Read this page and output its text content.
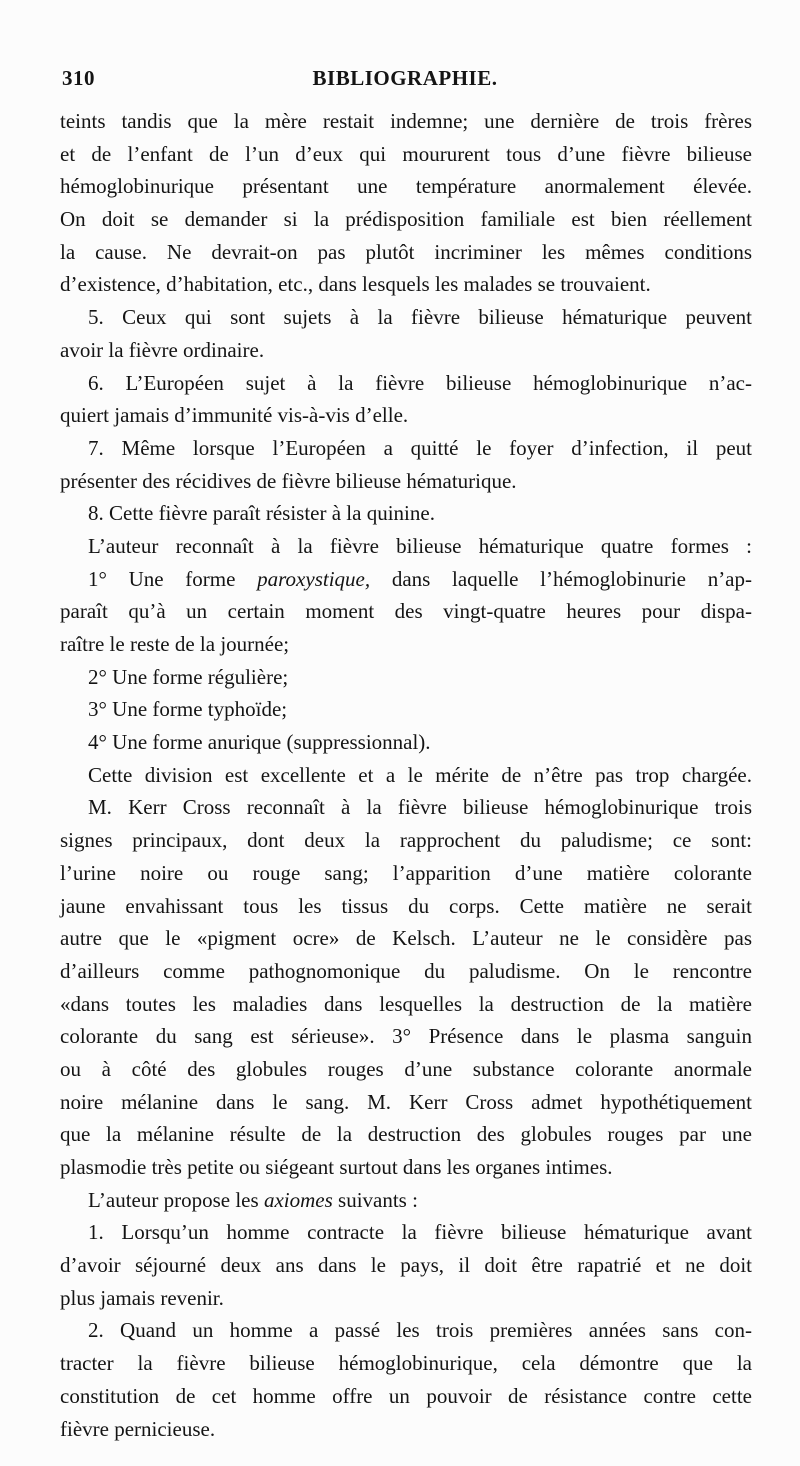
310	BIBLIOGRAPHIE.
teints tandis que la mère restait indemne; une dernière de trois frères
et de l’enfant de l’un d’eux qui moururent tous d’une fièvre bilieuse
hémoglobinurique présentant une température anormalement élevée.
On doit se demander si la prédisposition familiale est bien réellement
la cause. Ne devrait-on pas plutôt incriminer les mêmes conditions
d’existence, d’habitation, etc., dans lesquels les malades se trouvaient.
5. Ceux qui sont sujets à la fièvre bilieuse hématurique peuvent
avoir la fièvre ordinaire.
6. L’Européen sujet à la fièvre bilieuse hémoglobinurique n’ac-
quiert jamais d’immunité vis-à-vis d’elle.
7. Même lorsque l’Européen a quitté le foyer d’infection, il peut
présenter des récidives de fièvre bilieuse hématurique.
8. Cette fièvre paraît résister à la quinine.
L’auteur reconnaît à la fièvre bilieuse hématurique quatre formes :
1° Une forme paroxystique, dans laquelle l’hémoglobinurie n’ap-
paraît qu’à un certain moment des vingt-quatre heures pour dispa-
raître le reste de la journée;
2° Une forme régulière;
3° Une forme typhoïde;
4° Une forme anurique (suppressionnal).
Cette division est excellente et a le mérite de n’être pas trop chargée.
M. Kerr Cross reconnaît à la fièvre bilieuse hémoglobinurique trois
signes principaux, dont deux la rapprochent du paludisme; ce sont:
l’urine noire ou rouge sang; l’apparition d’une matière colorante
jaune envahissant tous les tissus du corps. Cette matière ne serait
autre que le «pigment ocre» de Kelsch. L’auteur ne le considère pas
d’ailleurs comme pathognomonique du paludisme. On le rencontre
«dans toutes les maladies dans lesquelles la destruction de la matière
colorante du sang est sérieuse». 3° Présence dans le plasma sanguin
ou à côté des globules rouges d’une substance colorante anormale
noire mélanine dans le sang. M. Kerr Cross admet hypothétiquement
que la mélanine résulte de la destruction des globules rouges par une
plasmodie très petite ou siégeant surtout dans les organes intimes.
L’auteur propose les axiomes suivants :
1. Lorsqu’un homme contracte la fièvre bilieuse hématurique avant
d’avoir séjourné deux ans dans le pays, il doit être rapatrié et ne doit
plus jamais revenir.
2. Quand un homme a passé les trois premières années sans con-
tracter la fièvre bilieuse hémoglobinurique, cela démontre que la
constitution de cet homme offre un pouvoir de résistance contre cette
fièvre pernicieuse.
